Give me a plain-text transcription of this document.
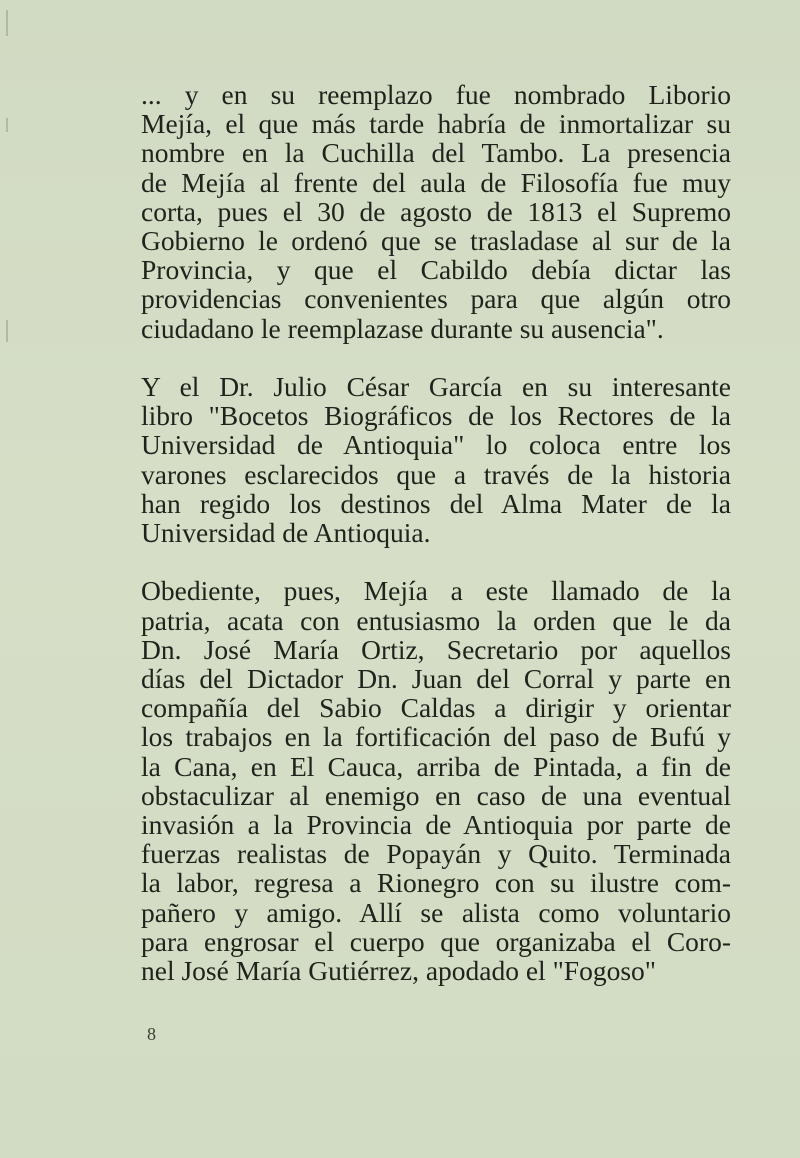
... y en su reemplazo fue nombrado Liborio
Mejía, el que más tarde habría de inmortalizar su
nombre en la Cuchilla del Tambo. La presencia
de Mejía al frente del aula de Filosofía fue muy
corta, pues el 30 de agosto de 1813 el Supremo
Gobierno le ordenó que se trasladase al sur de la
Provincia, y que el Cabildo debía dictar las
providencias convenientes para que algún otro
ciudadano le reemplazase durante su ausencia".

Y el Dr. Julio César García en su interesante
libro "Bocetos Biográficos de los Rectores de la
Universidad de Antioquia" lo coloca entre los
varones esclarecidos que a través de la historia
han regido los destinos del Alma Mater de la
Universidad de Antioquia.

Obediente, pues, Mejía a este llamado de la
patria, acata con entusiasmo la orden que le da
Dn. José María Ortiz, Secretario por aquellos
días del Dictador Dn. Juan del Corral y parte en
compañía del Sabio Caldas a dirigir y orientar
los trabajos en la fortificación del paso de Bufú y
la Cana, en El Cauca, arriba de Pintada, a fin de
obstaculizar al enemigo en caso de una eventual
invasión a la Provincia de Antioquia por parte de
fuerzas realistas de Popayán y Quito. Terminada
la labor, regresa a Rionegro con su ilustre com-
pañero y amigo. Allí se alista como voluntario
para engrosar el cuerpo que organizaba el Coro-
nel José María Gutiérrez, apodado el "Fogoso"

8
